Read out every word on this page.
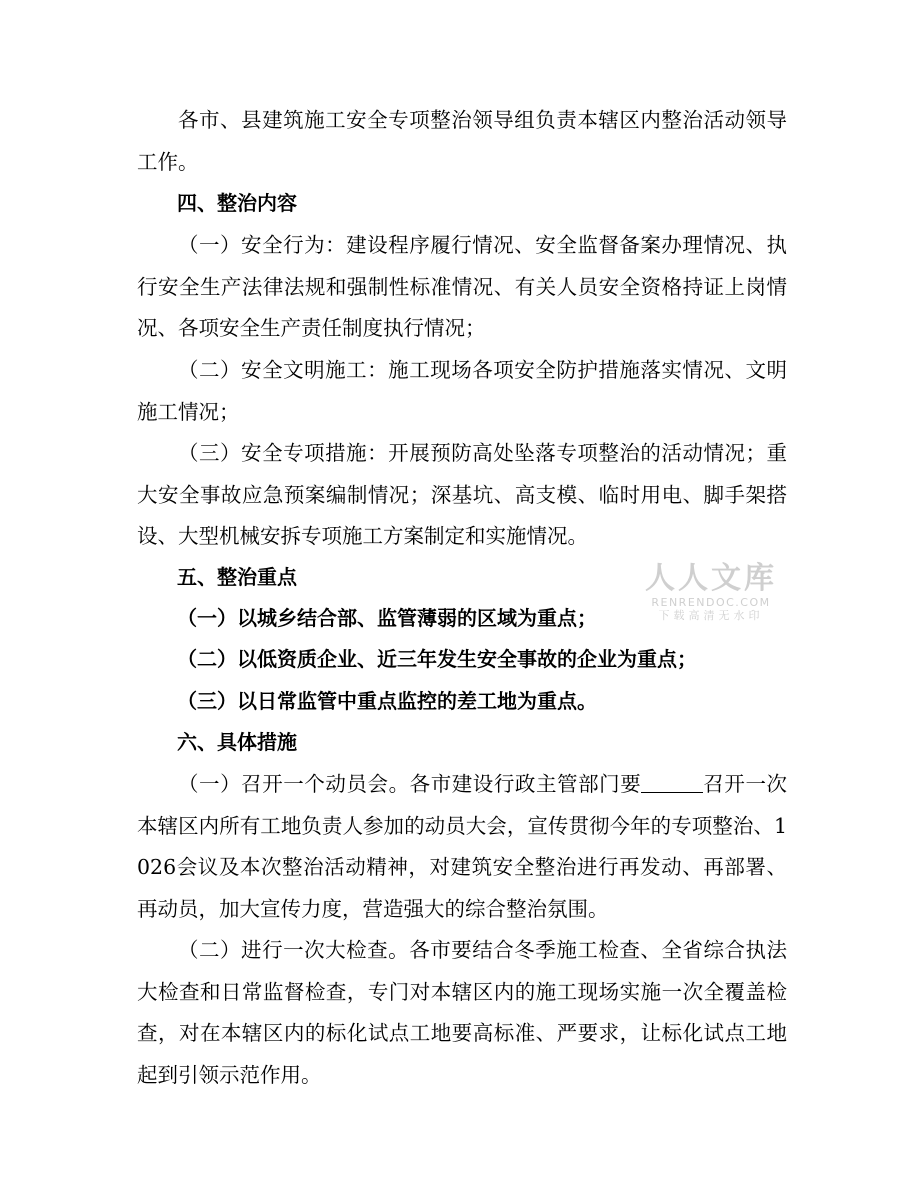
各市、县建筑施工安全专项整治领导组负责本辖区内整治活动领导工作。

四、整治内容

（一）安全行为：建设程序履行情况、安全监督备案办理情况、执行安全生产法律法规和强制性标准情况、有关人员安全资格持证上岗情况、各项安全生产责任制度执行情况；

（二）安全文明施工：施工现场各项安全防护措施落实情况、文明施工情况；

（三）安全专项措施：开展预防高处坠落专项整治的活动情况；重大安全事故应急预案编制情况；深基坑、高支模、临时用电、脚手架搭设、大型机械安拆专项施工方案制定和实施情况。

五、整治重点

（一）以城乡结合部、监管薄弱的区域为重点；

（二）以低资质企业、近三年发生安全事故的企业为重点；

（三）以日常监管中重点监控的差工地为重点。

六、具体措施

（一）召开一个动员会。各市建设行政主管部门要	召开一次本辖区内所有工地负责人参加的动员大会，宣传贯彻今年的专项整治、1026会议及本次整治活动精神，对建筑安全整治进行再发动、再部署、再动员，加大宣传力度，营造强大的综合整治氛围。

（二）进行一次大检查。各市要结合冬季施工检查、全省综合执法大检查和日常监督检查，专门对本辖区内的施工现场实施一次全覆盖检查，对在本辖区内的标化试点工地要高标准、严要求，让标化试点工地起到引领示范作用。

人人文库
RENRENDOC.COM
下载高清无水印
